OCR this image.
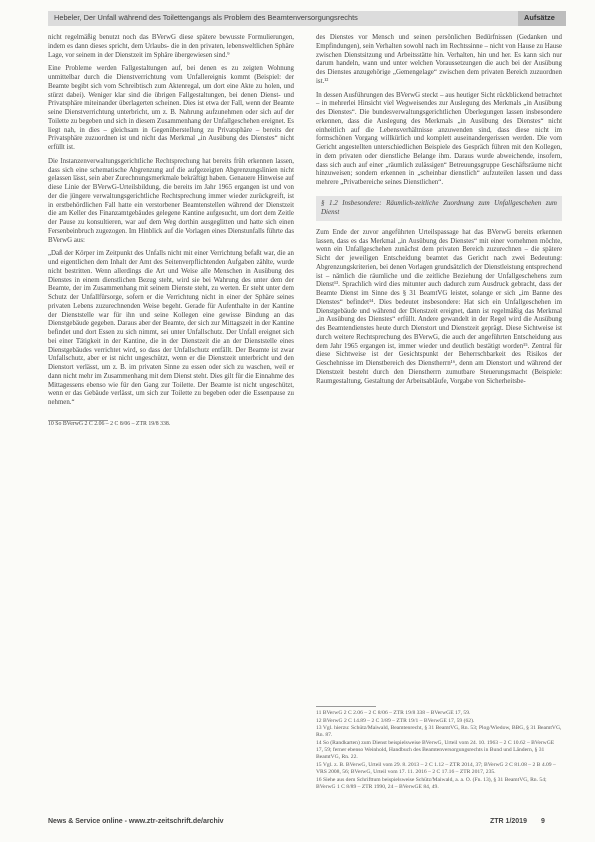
Hebeler, Der Unfall während des Toilettengangs als Problem des Beamtenversorgungsrechts	Aufsätze

nicht regelmäßig benutzt noch das BVerwG diese spätere bewusste Formulierungen, indem es dann dieses spricht, dem Urlaubs- die in den privaten, lebensweltlichen Sphäre Lage, vor seinem in der Dienstzeit im Sphäre übergewiesen sind.⁹

Eine Probleme werden Fallgestaltungen auf, bei denen es zu zeigten Wohnung unmittelbar durch die Dienstverrichtung vom Unfallereignis kommt (Beispiel: der Beamte begibt sich vom Schreibtisch zum Aktenregal, um dort eine Akte zu holen, und stürzt dabei). Weniger klar sind die übrigen Fallgestaltungen, bei denen Dienst- und Privatsphäre miteinander überlagerten scheinen. Dies ist etwa der Fall, wenn der Beamte seine Dienstverrichtung unterbricht, um z. B. Nahrung aufzunehmen oder sich auf der Toilette zu begeben und sich in diesem Zusammenhang der Unfallgeschehen ereignet. Es liegt nah, in dies – gleichsam in Gegenüberstellung zu Privatsphäre – bereits der Privatsphäre zuzuordnen ist und nicht das Merkmal „in Ausübung des Dienstes“ nicht erfüllt ist.

Die Instanzenverwaltungsgerichtliche Rechtsprechung hat bereits früh erkennen lassen, dass sich eine schematische Abgrenzung auf die aufgezeigten Abgrenzungslinien nicht gelassen lässt, sein aber Zurechnungsmerkmale bekräftigt haben. Genauere Hinweise auf diese Linie der BVerwG-Urteilsbildung, die bereits im Jahr 1965 ergangen ist und von der die jüngere verwaltungsgerichtliche Rechtsprechung immer wieder zurückgreift, ist in erstbehördlichen Fall hatte ein verstorbener Beamtenstellen während der Dienstzeit die am Keller des Finanzamtgebäudes gelegene Kantine aufgesucht, um dort dem Zeitle der Pause zu konsultieren, war auf dem Weg dorthin ausgeglitten und hatte sich einen Fersenbeinbruch zugezogen. Im Hinblick auf die Vorlagen eines Dienstunfalls führte das BVerwG aus:

„Daß der Körper im Zeitpunkt des Unfalls nicht mit einer Verrichtung befaßt war, die an und eigentlichen dem Inhalt der Amt des Seitenverpflichtenden Aufgaben zählte, wurde nicht bestritten. Wenn allerdings die Art und Weise alle Menschen in Ausübung des Dienstes in einem dienstlichen Bezug steht, wird sie bei Wahrung des unter dem der Beamte, der im Zusammenhang mit seinem Dienste steht, zu werten. Er steht unter dem Schutz der Unfallfürsorge, sofern er die Verrichtung nicht in einer der Sphäre seines privaten Lebens zuzurechnenden Weise begeht. Gerade für Aufenthalte in der Kantine der Dienststelle war für ihn und seine Kollegen eine gewisse Bindung an das Dienstgebäude gegeben. Daraus aber der Beamte, der sich zur Mittagszeit in der Kantine befindet und dort Essen zu sich nimmt, sei unter Unfallschutz. Der Unfall ereignet sich bei einer Tätigkeit in der Kantine, die in der Dienstzeit die an der Dienststelle eines Dienstgebäudes verrichtet wird, so dass der Unfallschutz entfällt. Der Beamte ist zwar Unfallschutz, aber er ist nicht ungeschützt, wenn er die Dienstzeit unterbricht und den Dienstort verlässt, um z. B. im privaten Sinne zu essen oder sich zu waschen, weil er dann nicht mehr im Zusammenhang mit dem Dienst steht. Dies gilt für die Einnahme des Mittagessens ebenso wie für den Gang zur Toilette. Der Beamte ist nicht ungeschützt, wenn er das Gebäude verlässt, um sich zur Toilette zu begeben oder die Essenpause zu nehmen.“

10 So BVerwG 2 C 2.06 – 2 C 8/06 – ZTR 19/8 338.

des Dienstes vor Mensch und seinen persönlichen Bedürfnissen (Gedanken und Empfindungen), sein Verhalten sowohl nach im Rechtssinne – nicht von Hause zu Hause zwischen Dienstsitzung und Arbeitsstätte hin. Verhalten, hin und her. Es kann sich nur darum handeln, wann und unter welchen Voraussetzungen die auch bei der Ausübung des Dienstes anzugehörige „Gemengelage“ zwischen dem privaten Bereich zuzuordnen ist.¹²

In dessen Ausführungen des BVerwG steckt – aus heutiger Sicht rückblickend betrachtet – in mehrerlei Hinsicht viel Wegweisendes zur Auslegung des Merkmals „in Ausübung des Dienstes“. Die bundesverwaltungsgerichtlichen Überlegungen lassen insbesondere erkennen, dass die Auslegung des Merkmals „in Ausübung des Dienstes“ nicht einheitlich auf die Lebensverhältnisse anzuwenden sind, dass diese nicht im formschönen Vorgang willkürlich und komplett auseinandergerissen werden. Die vom Gericht angestellten unterschiedlichen Beispiele des Gespräch führen mit den Kollegen, in dem privaten oder dienstliche Belange ihm. Daraus wurde abweichende, insofern, dass sich auch auf einer „räumlich zulässigen“ Betreuungsgruppe Geschäftsräume nicht hinzuweisen; sondern erkennen in „scheinbar dienstlich“ aufzuteilen lassen und dass mehrere „Privatbereiche seines Dienstlichen“.

§ 1.2 Insbesondere: Räumlich-zeitliche Zuordnung zum Unfallgeschehen zum Dienst

Zum Ende der zuvor angeführten Urteilspassage hat das BVerwG bereits erkennen lassen, dass es das Merkmal „in Ausübung des Dienstes“ mit einer vornehmen möchte, wenn ein Unfallgeschehen zunächst dem privaten Bereich zuzurechnen – die spätere Sicht der jeweiligen Entscheidung beamtet das Gericht nach zwei Bedeutung: Abgrenzungskriterien, bei denen Vorlagen grundsätzlich der Dienstleistung entsprechend ist – nämlich die räumliche und die zeitliche Beziehung der Unfallgeschehens zum Dienst¹³. Sprachlich wird dies mitunter auch dadurch zum Ausdruck gebracht, dass der Beamte Dienst im Sinne des § 31 BeamtVG leistet, solange er sich „im Banne des Dienstes“ befindet¹⁴. Dies bedeutet insbesondere: Hat sich ein Unfallgeschehen im Dienstgebäude und während der Dienstzeit ereignet, dann ist regelmäßig das Merkmal „in Ausübung des Dienstes“ erfüllt. Andere gewandelt in der Regel wird die Ausübung des Beamtendienstes heute durch Dienstort und Dienstzeit geprägt. Diese Sichtweise ist durch weitere Rechtsprechung des BVerwG, die auch der angeführten Entscheidung aus dem Jahr 1965 ergangen ist, immer wieder und deutlich bestätigt worden¹⁵. Zentral für diese Sichtweise ist der Gesichtspunkt der Beherrschbarkeit des Risikos der Geschehnisse im Dienstbereich des Dienstherrn¹⁶, denn am Dienstort und während der Dienstzeit besteht durch den Dienstherrn zumutbare Steuerungsmacht (Beispiele: Raumgestaltung, Gestaltung der Arbeitsabläufe, Vorgabe von Sicherheitsbe-

11 BVerwG 2 C 2.06 – 2 C 8/06 – ZTR 19/8 338 – BVerwGE 17, 59.
12 BVerwG 2 C 14.89 – 2 C 3/89 – ZTR 19/1 – BVerwGE 17, 59 (62).
13 Vgl. hierzu: Schütz/Maiwald, Beamtenrecht, § 31 BeamtVG, Rn. 53; Plog/Wiedow, BBG, § 31 BeamtVG, Rn. 87.
14 So (Randkarten) zum Dienst beispielsweise BVerwG, Urteil vom 24. 10. 1963 – 2 C 10.62 – BVerwGE 17, 59; ferner ebenso Weinhold, Handbuch des Beamtenversorgungsrechts in Bund und Ländern, § 31 BeamtVG, Rn. 22.
15 Vgl. z. B. BVerwG, Urteil vom 29. 8. 2013 – 2 C 1.12 – ZTR 2014, 37; BVerwG 2 C 81.08 – 2 B 4.09 – VRS 2008, 56; BVerwG, Urteil vom 17. 11. 2016 – 2 C 17.16 – ZTR 2017, 235.
16 Siehe aus dem Schrifttum beispielsweise Schütz/Maiwald, a. a. O. (Fn. 13), § 31 BeamtVG, Rn. 54; BVerwG 1 C 8/89 – ZTR 1990, 24 – BVerwGE 84, 49.
News & Service online - www.ztr-zeitschrift.de/archiv	ZTR 1/2019 9
